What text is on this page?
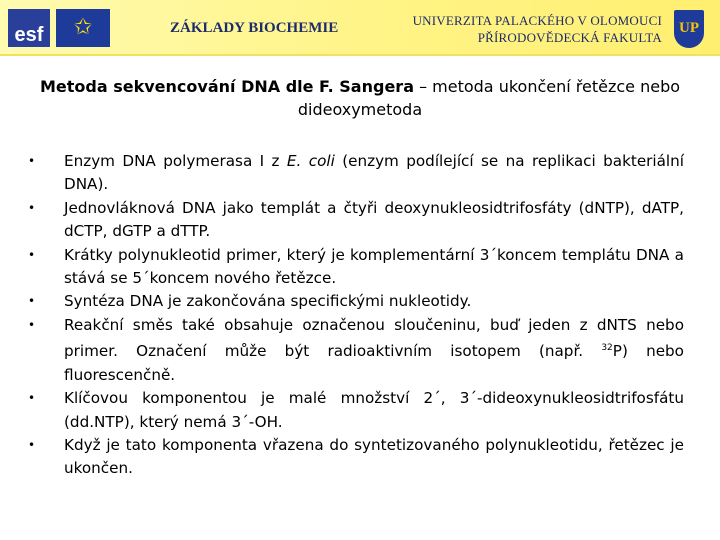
esf	✩	ZÁKLADY BIOCHEMIE	UNIVERZITA PALACKÉHO V OLOMOUCI
PŘÍRODOVĚDECKÁ FAKULTA
UP
Metoda sekvencování DNA dle F. Sangera – metoda ukončení řetězce nebo dideoxymetoda
• Enzym DNA polymerasa I z E. coli (enzym podílející se na replikaci bakteriální DNA).
• Jednovláknová DNA jako templát a čtyři deoxynukleosidtrifosfáty (dNTP), dATP, dCTP, dGTP a dTTP.
• Krátky polynukleotid primer, který je komplementární 3´koncem templátu DNA a stává se 5´koncem nového řetězce.
• Syntéza DNA je zakončována specifickými nukleotidy.
• Reakční směs také obsahuje označenou sloučeninu, buď jeden z dNTS nebo primer. Označení může být radioaktivním isotopem (např. $^{32}$P) nebo fluorescenčně.
• Klíčovou komponentou je malé množství 2´, 3´-dideoxynukleosidtrifosfátu (dd.NTP), který nemá 3´-OH.
• Když je tato komponenta vřazena do syntetizovaného polynukleotidu, řetězec je ukončen.
